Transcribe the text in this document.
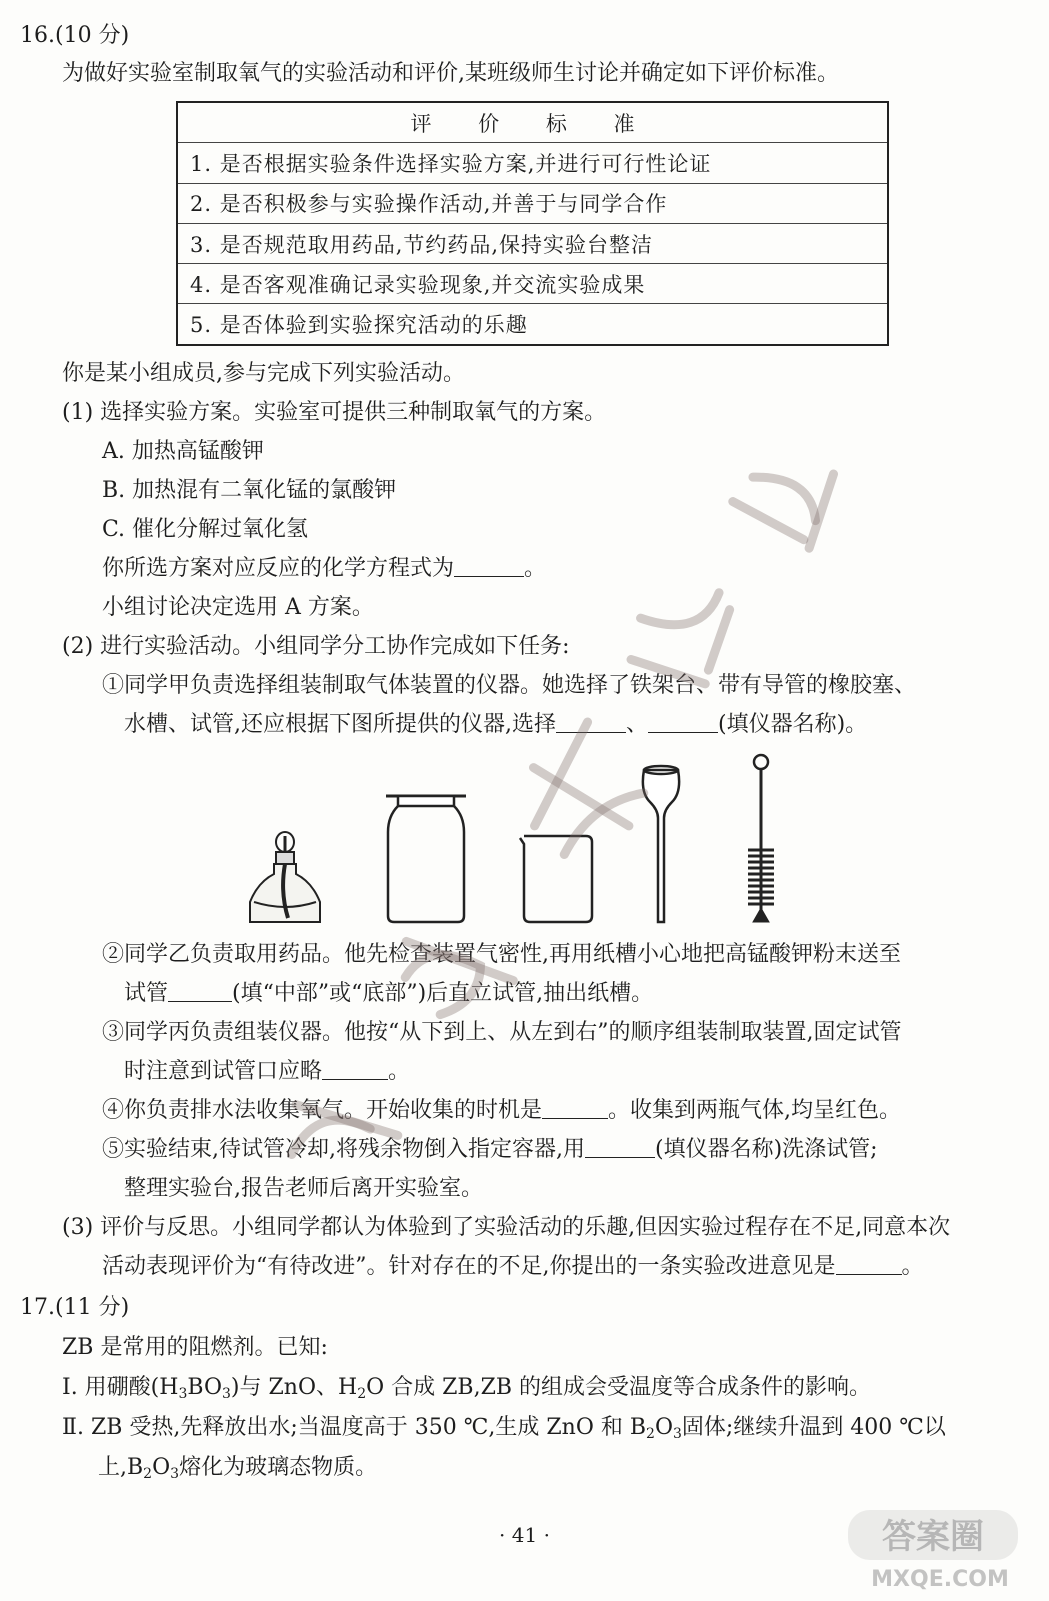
16.(10 分)
为做好实验室制取氧气的实验活动和评价,某班级师生讨论并确定如下评价标准。
评 价 标 准
1. 是否根据实验条件选择实验方案,并进行可行性论证
2. 是否积极参与实验操作活动,并善于与同学合作
3. 是否规范取用药品,节约药品,保持实验台整洁
4. 是否客观准确记录实验现象,并交流实验成果
5. 是否体验到实验探究活动的乐趣
你是某小组成员,参与完成下列实验活动。
(1) 选择实验方案。实验室可提供三种制取氧气的方案。
A. 加热高锰酸钾
B. 加热混有二氧化锰的氯酸钾
C. 催化分解过氧化氢
你所选方案对应反应的化学方程式为	。
小组讨论决定选用 A 方案。
(2) 进行实验活动。小组同学分工协作完成如下任务:
①同学甲负责选择组装制取气体装置的仪器。她选择了铁架台、带有导管的橡胶塞、
水槽、试管,还应根据下图所提供的仪器,选择	、	(填仪器名称)。
②同学乙负责取用药品。他先检查装置气密性,再用纸槽小心地把高锰酸钾粉末送至
试管	(填“中部”或“底部”)后直立试管,抽出纸槽。
③同学丙负责组装仪器。他按“从下到上、从左到右”的顺序组装制取装置,固定试管
时注意到试管口应略	。
④你负责排水法收集氧气。开始收集的时机是	。收集到两瓶气体,均呈红色。
⑤实验结束,待试管冷却,将残余物倒入指定容器,用	(填仪器名称)洗涤试管;
整理实验台,报告老师后离开实验室。
(3) 评价与反思。小组同学都认为体验到了实验活动的乐趣,但因实验过程存在不足,同意本次
活动表现评价为“有待改进”。针对存在的不足,你提出的一条实验改进意见是	。
17.(11 分)
ZB 是常用的阻燃剂。已知:
Ⅰ. 用硼酸$(H_3BO_3)$与 ZnO、$H_2O$ 合成 ZB,ZB 的组成会受温度等合成条件的影响。
Ⅱ. ZB 受热,先释放出水;当温度高于 350 ℃,生成 ZnO 和 $B_2O_3$固体;继续升温到 400 ℃以
上$,B_2O_3$熔化为玻璃态物质。
· 41 ·	答案圈
MXQE.COM
